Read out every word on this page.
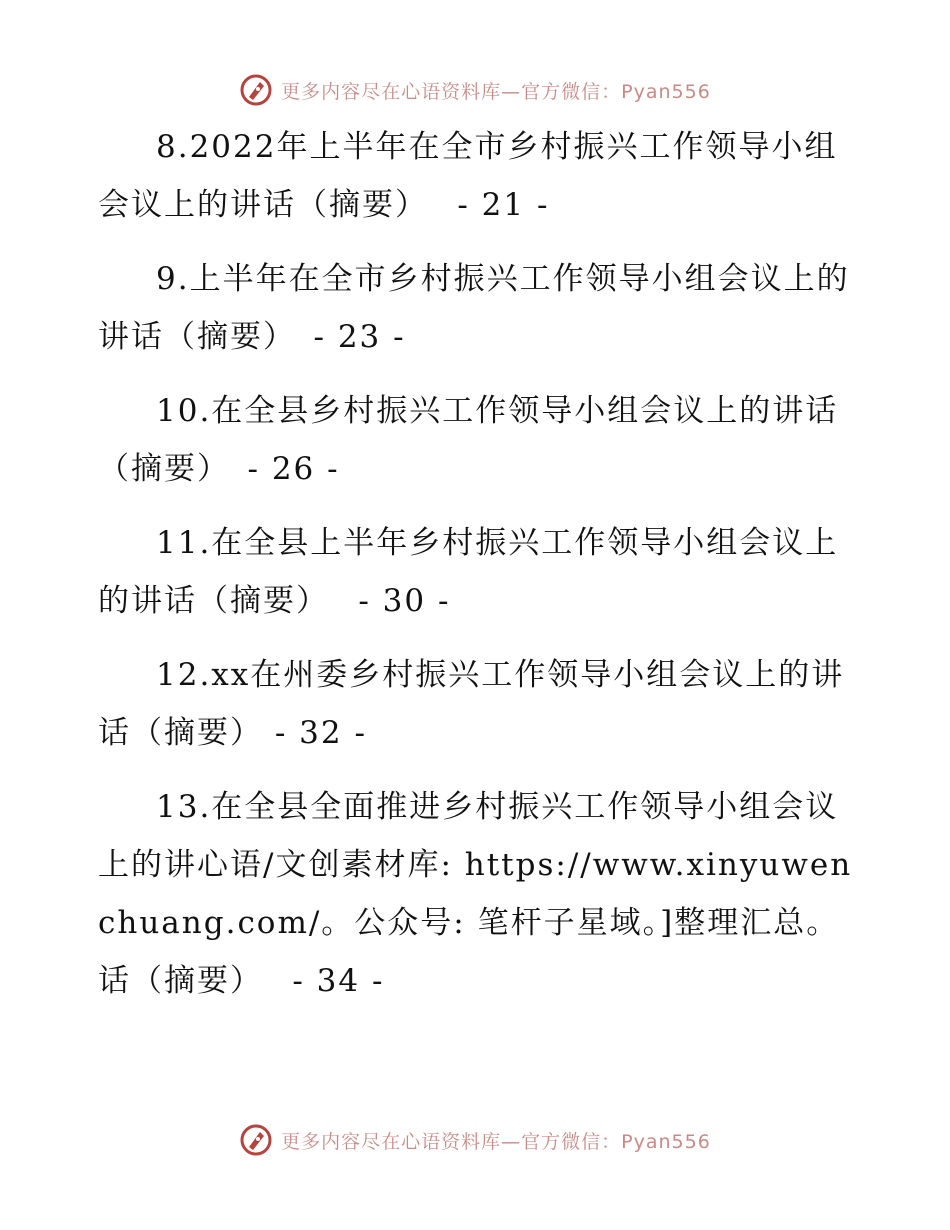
更多内容尽在心语资料库—官方微信：Pyan556

8.2022年上半年在全市乡村振兴工作领导小组会议上的讲话（摘要）　 - 21 -

9.上半年在全市乡村振兴工作领导小组会议上的讲话（摘要）　- 23 -

10.在全县乡村振兴工作领导小组会议上的讲话（摘要）　- 26 -

11.在全县上半年乡村振兴工作领导小组会议上的讲话（摘要）　 - 30 -

12.xx在州委乡村振兴工作领导小组会议上的讲话（摘要） - 32 -

13.在全县全面推进乡村振兴工作领导小组会议上的讲心语/文创素材库: https://www.xinyuwenchuang.com/。公众号: 笔杆子星域。]整理汇总。话（摘要）　 - 34 -

更多内容尽在心语资料库—官方微信：Pyan556
